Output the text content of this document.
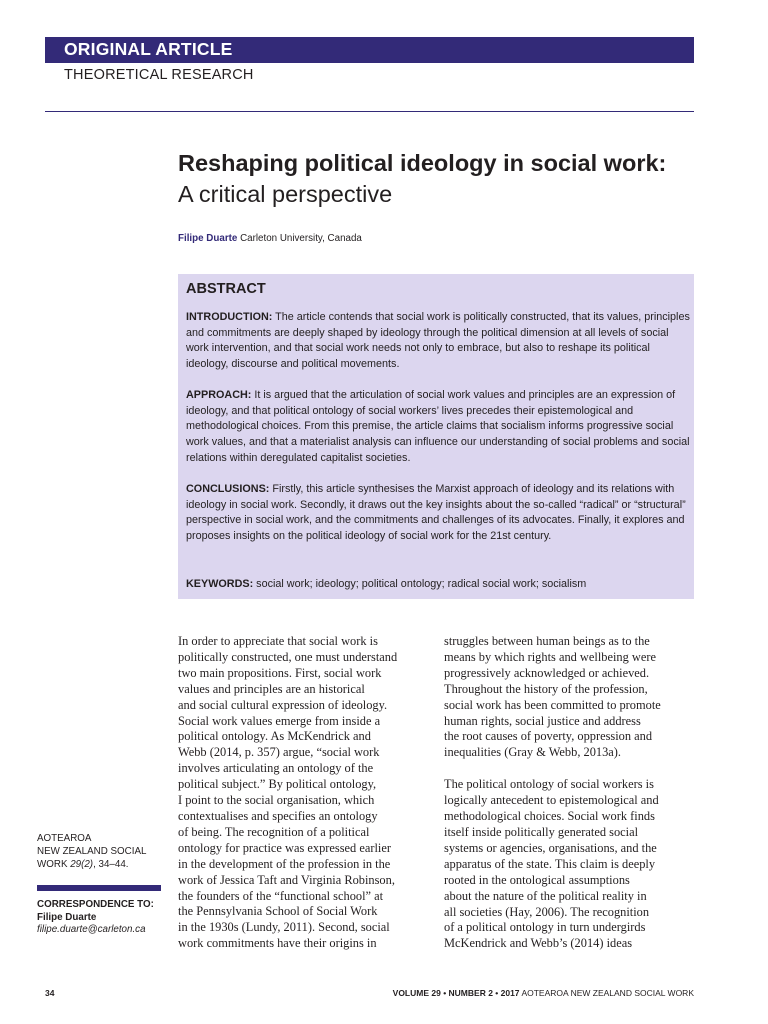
ORIGINAL ARTICLE
THEORETICAL RESEARCH
Reshaping political ideology in social work: A critical perspective
Filipe Duarte Carleton University, Canada
ABSTRACT

INTRODUCTION: The article contends that social work is politically constructed, that its values, principles and commitments are deeply shaped by ideology through the political dimension at all levels of social work intervention, and that social work needs not only to embrace, but also to reshape its political ideology, discourse and political movements.

APPROACH: It is argued that the articulation of social work values and principles are an expression of ideology, and that political ontology of social workers’ lives precedes their epistemological and methodological choices. From this premise, the article claims that socialism informs progressive social work values, and that a materialist analysis can influence our understanding of social problems and social relations within deregulated capitalist societies.

CONCLUSIONS: Firstly, this article synthesises the Marxist approach of ideology and its relations with ideology in social work. Secondly, it draws out the key insights about the so-called “radical” or “structural” perspective in social work, and the commitments and challenges of its advocates. Finally, it explores and proposes insights on the political ideology of social work for the 21st century.

KEYWORDS: social work; ideology; political ontology; radical social work; socialism

In order to appreciate that social work is
politically constructed, one must understand
two main propositions. First, social work
values and principles are an historical
and social cultural expression of ideology.
Social work values emerge from inside a
political ontology. As McKendrick and
Webb (2014, p. 357) argue, “social work
involves articulating an ontology of the
political subject.” By political ontology,
I point to the social organisation, which
contextualises and specifies an ontology
of being. The recognition of a political
ontology for practice was expressed earlier
in the development of the profession in the
work of Jessica Taft and Virginia Robinson,
the founders of the “functional school” at
the Pennsylvania School of Social Work
in the 1930s (Lundy, 2011). Second, social
work commitments have their origins in

struggles between human beings as to the
means by which rights and wellbeing were
progressively acknowledged or achieved.
Throughout the history of the profession,
social work has been committed to promote
human rights, social justice and address
the root causes of poverty, oppression and
inequalities (Gray & Webb, 2013a).

The political ontology of social workers is
logically antecedent to epistemological and
methodological choices. Social work finds
itself inside politically generated social
systems or agencies, organisations, and the
apparatus of the state. This claim is deeply
rooted in the ontological assumptions
about the nature of the political reality in
all societies (Hay, 2006). The recognition
of a political ontology in turn undergirds
McKendrick and Webb’s (2014) ideas

AOTEAROA
NEW ZEALAND SOCIAL
WORK 29(2), 34–44.
CORRESPONDENCE TO:
Filipe Duarte
filipe.duarte@carleton.ca
34	VOLUME 29 • NUMBER 2 • 2017 AOTEAROA NEW ZEALAND SOCIAL WORK
